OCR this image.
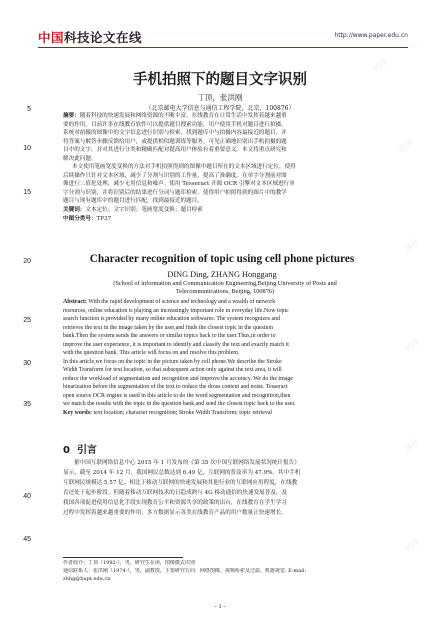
中国科技论文在线	http://www.paper.edu.cn
手机拍照下的题目文字识别
丁顶，张洪刚
（北京邮电大学信息与通信工程学院，北京，100876）
5
10
15
20
25
30
35
40
45
摘要：随着科技的快速发展和网络资源的不断丰富，在线教育在日常生活中发挥着越来越重
要的作用。目前许多在线教育软件可以提供题目搜索功能，用户使用手机对题目进行拍摄，
系统对拍摄的图像中的文字信息进行识别与检索，找到题库中与拍摄内容最接近的题目，并
将答案与解答步骤反馈给用户，或提供相似题训练等服务。可见正确地识别出手机拍摄的题
目中的文字，并对其进行分类和精确匹配对提高用户体验有着重要意义。本文将重点研究和
解决此问题。
本文使用笔画宽度变换的方法对手机拍照得到的图像中题目所在的文本区域进行定位，使得
后续操作只针对文本区域，减少了分割与识别的工作量，提高了准确度。在单字分割前对图
像进行二值化处理，减少无用信息和噪声。使用 Tesseract 开源 OCR 引擎对文本区域进行单
字分割与识别，并将识别后的结果进行分词与题库检索，使得用户拍照得到的图片中的教学
题目与现有题库中的题目进行匹配，找到最接近的题目。
关键词：文本定位；文字识别；笔画宽度变换；题目检索
中图分类号：TP37
Character recognition of topic using cell phone pictures
DING Ding, ZHANG Honggang
(School of information and Communication Engineering,Beijing University of Posts and
Telecommunications, Beijing, 100876)
Abstract: With the rapid development of science and technology and a wealth of network
resources, online education is playing an increasingly important role in everyday life.Now topic
search function is provided by many online education softwares. The system recognizes and
retrieves the text in the image taken by the user,and finds the closest topic in the question
bank.Then the system sends the answers or similar topics back to the user.Thus,in order to
improve the user experience, it is important to identify and classify the text and exactly match it
with the question bank. This article will focus on and resolve this problem.
In this article,we focus on the topic in the picture taken by cell phone.We describe the Stroke
Width Transform for text location, so that subsequent action only against the text area, it will
reduce the workload of segmentation and recognition and improve the accuracy. We do the image
binarization before the segmentation of the text to reduce the dross content and noise. Tesseract
open source OCR engine is used in this article to do the word segmentation and recognition,then
we match the results with the topic in the question bank,and send the closest topic back to the user.
Key words: text location; character recognition; Stroke Width Transform; topic retrieval
0 引言
据中国互联网络信息中心 2015 年 1 月发布的《第 35 次中国互联网络发展状况统计报告》
显示，截至 2014 年 12 月，我国网民总数达到 6.49 亿，互联网的普及率为 47.9%。其中手机
互联网民规模达 5.57 亿。相比于移动互联网的快速发展和其他行业的互联网应用程度，在线教
育还处于起步阶段。但随着移动互联网技术的日趋成熟与 4G 移动通信的快速发展普及，及
我国各项促进使用信息化手段实现教育公平和资源共享的政策的出台，在线教育在学生学习
过程中发挥着越来越重要的作用，多方数据显示各类在线教育产品的用户数量正快速增长。
作者简介：丁顶（1992-），男，研究生在读，图像模式识别
通信联系人：张洪刚（1974-），男，副教授，主要研究方向：网络图像、视频检索及过滤、机器视觉. E-mail:
zhhg@bupt.edu.cn
- 1 -
试读
试读
试读
试读
试读
试读
